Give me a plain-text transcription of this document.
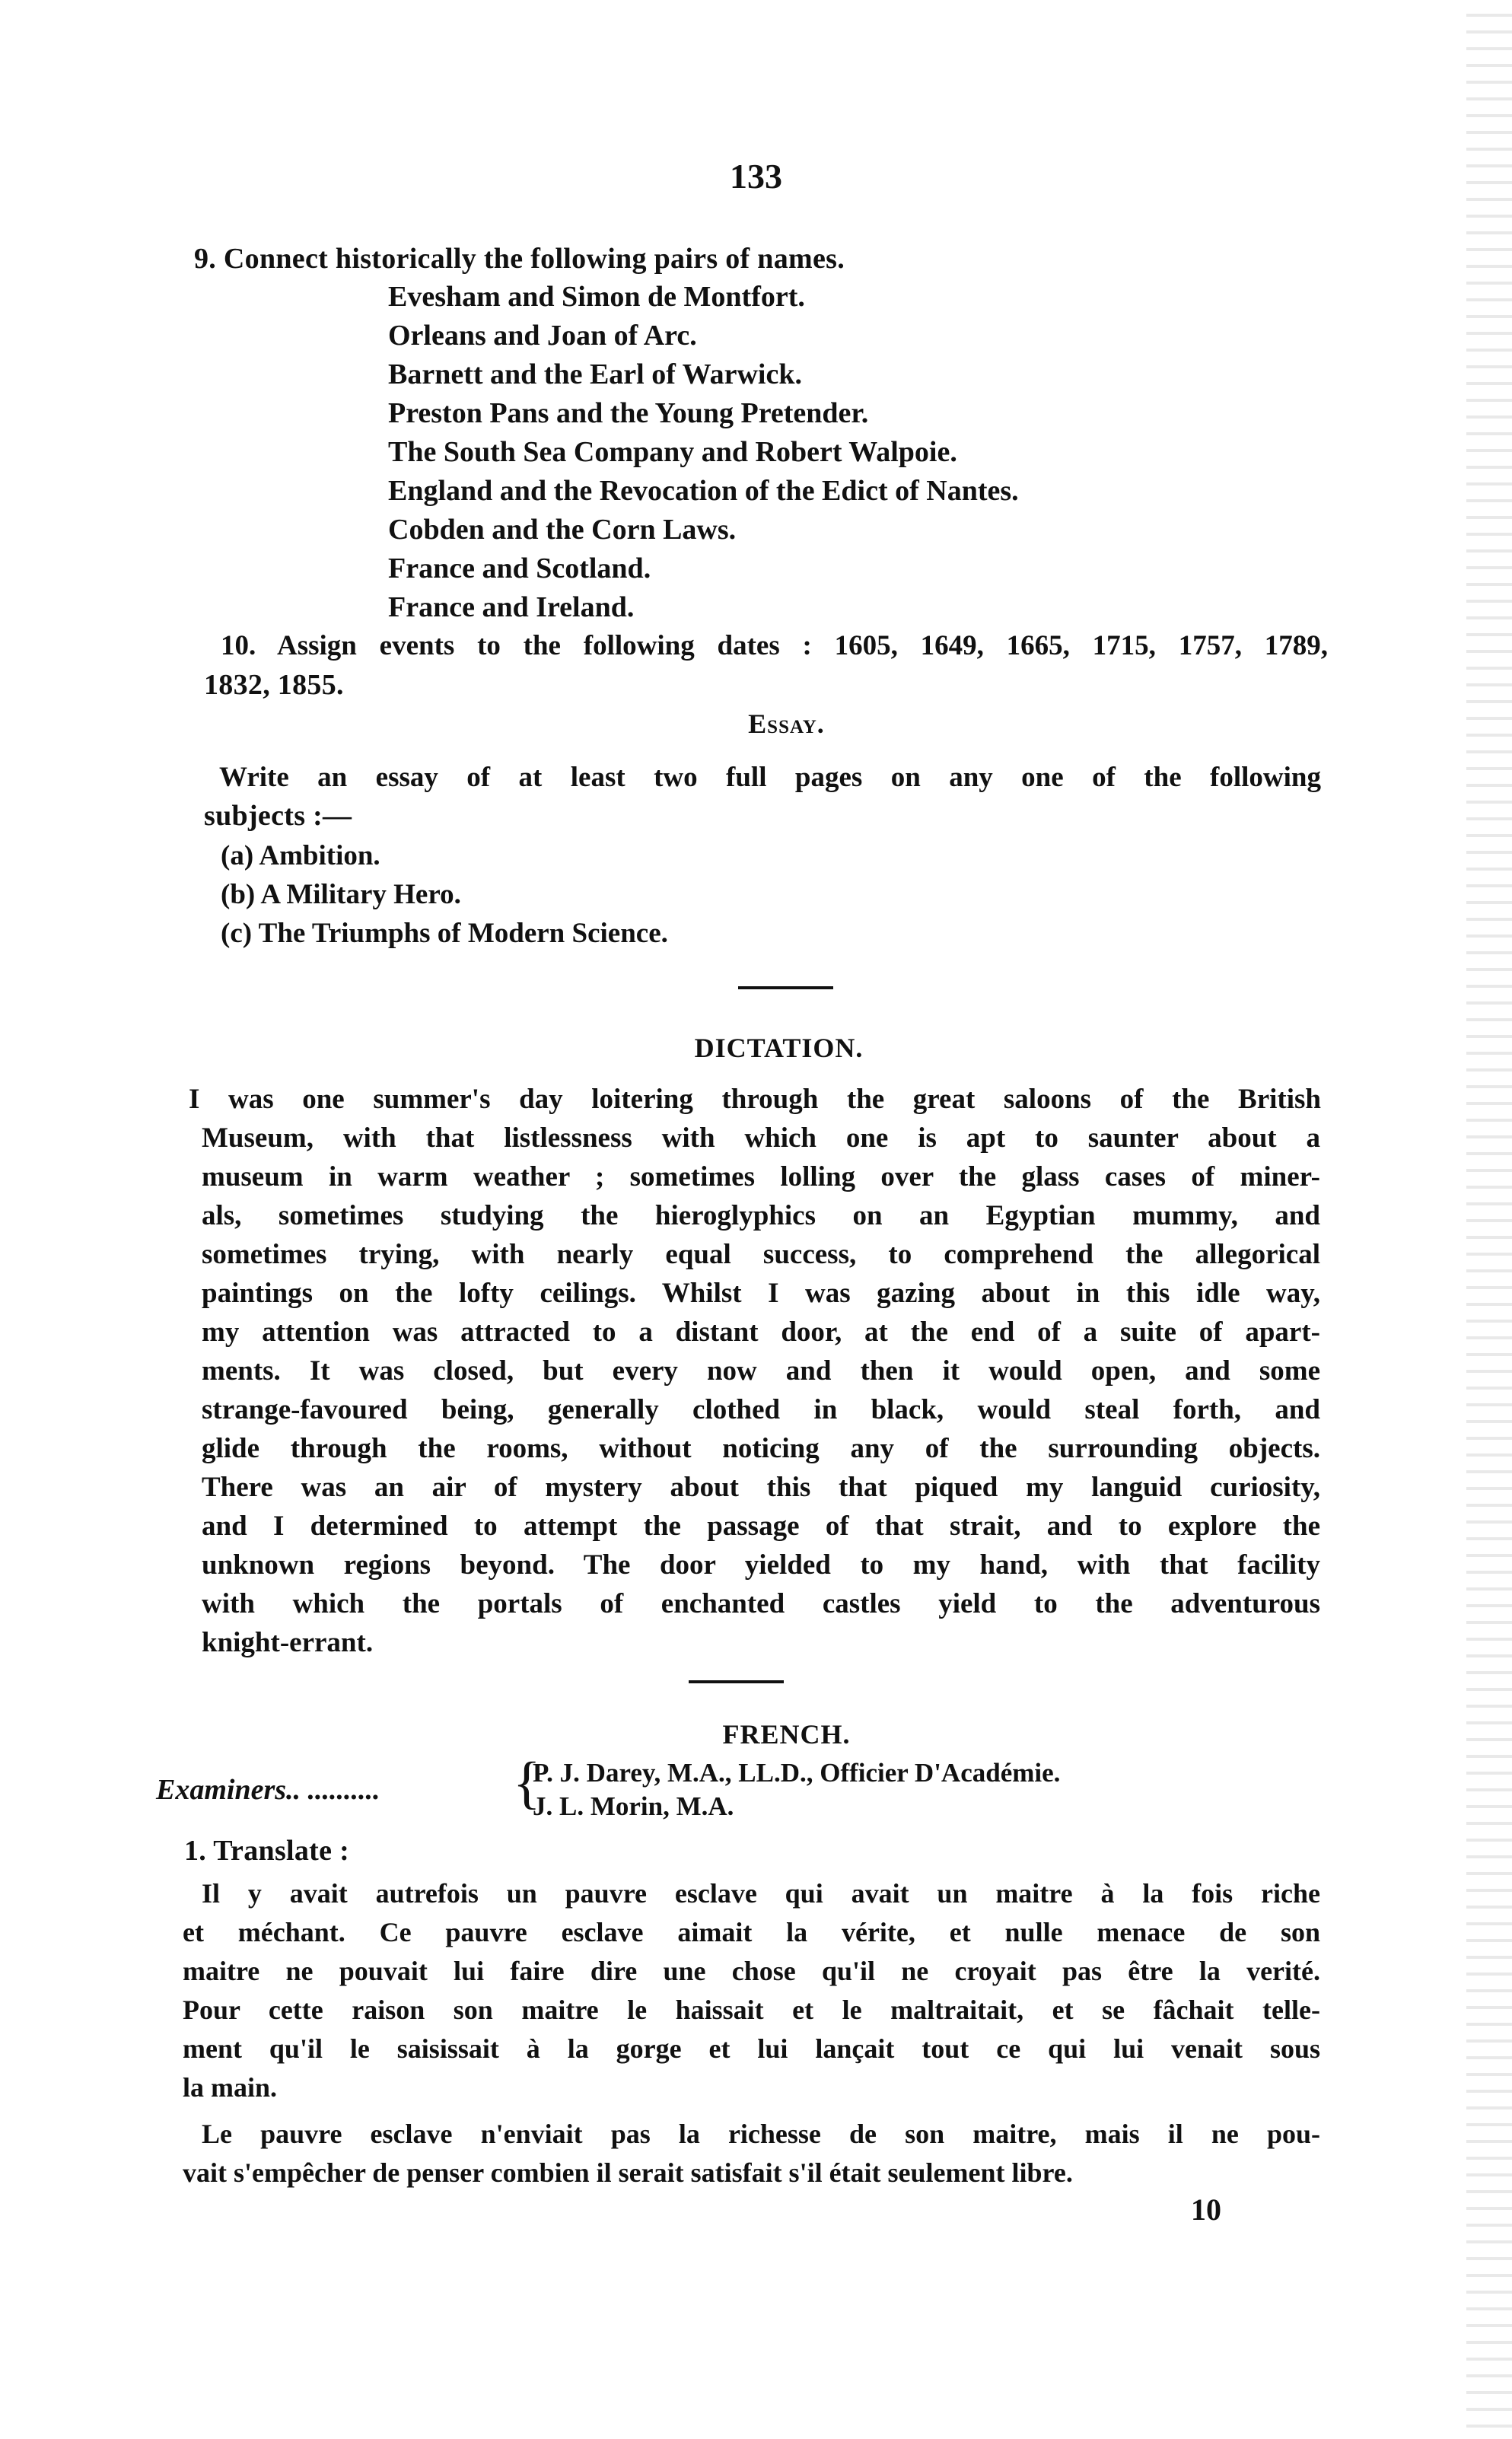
133
9. Connect historically the following pairs of names.
Evesham and Simon de Montfort.
Orleans and Joan of Arc.
Barnett and the Earl of Warwick.
Preston Pans and the Young Pretender.
The South Sea Company and Robert Walpoie.
England and the Revocation of the Edict of Nantes.
Cobden and the Corn Laws.
France and Scotland.
France and Ireland.
10. Assign events to the following dates : 1605, 1649, 1665, 1715, 1757, 1789,
1832, 1855.
Essay.
Write an essay of at least two full pages on any one of the following
subjects :—
(a) Ambition.
(b) A Military Hero.
(c) The Triumphs of Modern Science.
DICTATION.
I was one summer's day loitering through the great saloons of the British
Museum, with that listlessness with which one is apt to saunter about a
museum in warm weather ; sometimes lolling over the glass cases of miner-
als, sometimes studying the hieroglyphics on an Egyptian mummy, and
sometimes trying, with nearly equal success, to comprehend the allegorical
paintings on the lofty ceilings. Whilst I was gazing about in this idle way,
my attention was attracted to a distant door, at the end of a suite of apart-
ments. It was closed, but every now and then it would open, and some
strange-favoured being, generally clothed in black, would steal forth, and
glide through the rooms, without noticing any of the surrounding objects.
There was an air of mystery about this that piqued my languid curiosity,
and I determined to attempt the passage of that strait, and to explore the
unknown regions beyond. The door yielded to my hand, with that facility
with which the portals of enchanted castles yield to the adventurous
knight-errant.
FRENCH.
Examiners.. .......... {
P. J. Darey, M.A., LL.D., Officier D'Académie.
J. L. Morin, M.A.
1. Translate :
Il y avait autrefois un pauvre esclave qui avait un maitre à la fois riche
et méchant. Ce pauvre esclave aimait la vérite, et nulle menace de son
maitre ne pouvait lui faire dire une chose qu'il ne croyait pas être la verité.
Pour cette raison son maitre le haissait et le maltraitait, et se fâchait telle-
ment qu'il le saisissait à la gorge et lui lançait tout ce qui lui venait sous
la main.
Le pauvre esclave n'enviait pas la richesse de son maitre, mais il ne pou-
vait s'empêcher de penser combien il serait satisfait s'il était seulement libre.
10
